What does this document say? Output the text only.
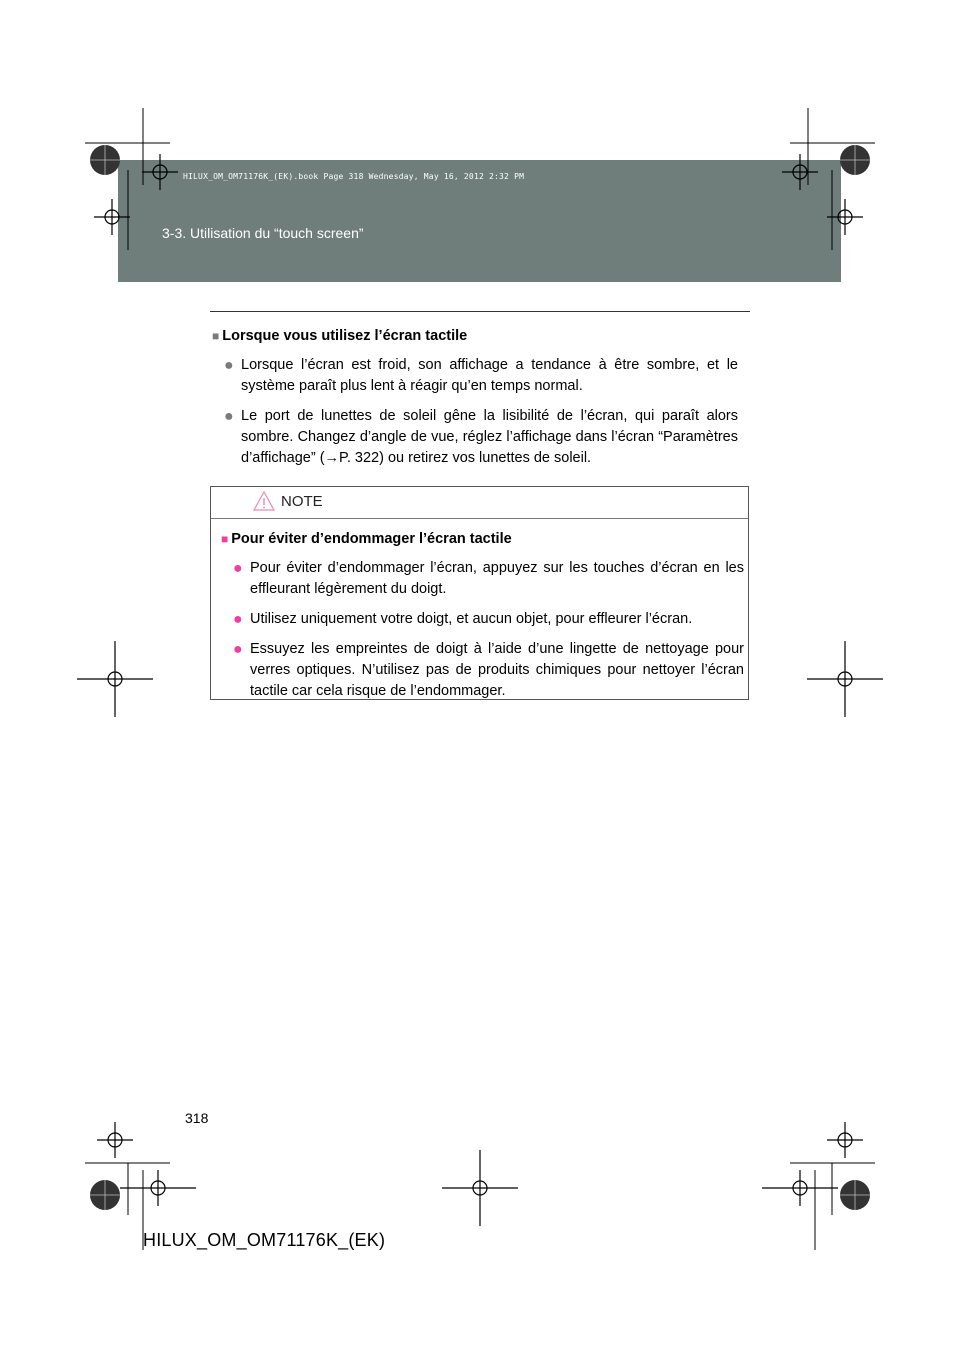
HILUX_OM_OM71176K_(EK).book Page 318 Wednesday, May 16, 2012 2:32 PM
3-3. Utilisation du “touch screen”
■ Lorsque vous utilisez l’écran tactile
● Lorsque l’écran est froid, son affichage a tendance à être sombre, et le système paraît plus lent à réagir qu’en temps normal.
● Le port de lunettes de soleil gêne la lisibilité de l’écran, qui paraît alors sombre. Changez d’angle de vue, réglez l’affichage dans l’écran “Paramètres d’affichage” (→P. 322) ou retirez vos lunettes de soleil.
NOTE
■ Pour éviter d’endommager l’écran tactile
● Pour éviter d’endommager l’écran, appuyez sur les touches d’écran en les effleurant légèrement du doigt.
● Utilisez uniquement votre doigt, et aucun objet, pour effleurer l’écran.
● Essuyez les empreintes de doigt à l’aide d’une lingette de nettoyage pour verres optiques. N’utilisez pas de produits chimiques pour nettoyer l’écran tactile car cela risque de l’endommager.
318
HILUX_OM_OM71176K_(EK)
